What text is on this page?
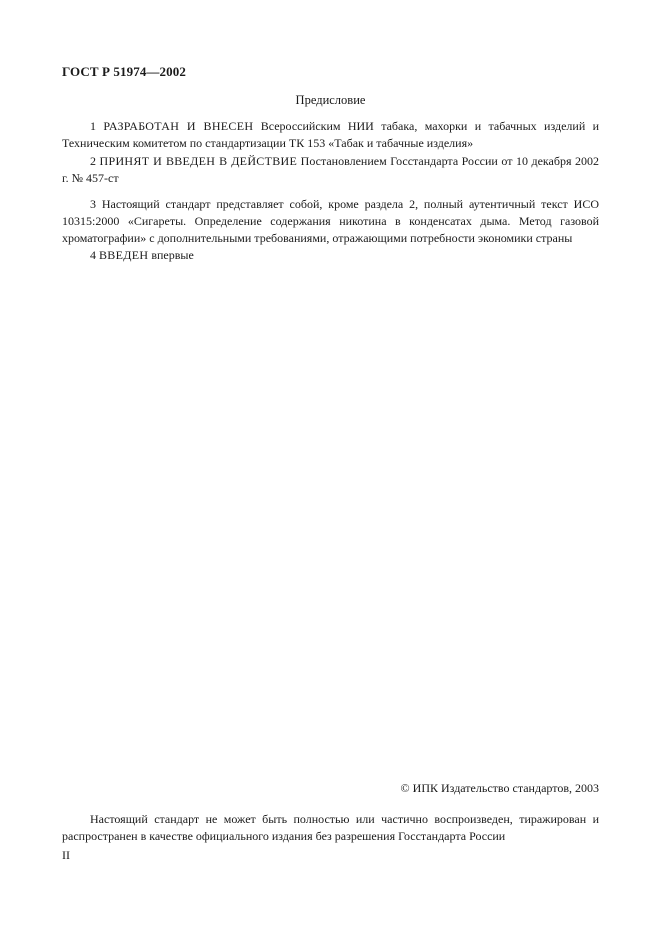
ГОСТ Р 51974—2002
Предисловие

1 РАЗРАБОТАН И ВНЕСЕН Всероссийским НИИ табака, махорки и табачных изделий и Техническим комитетом по стандартизации ТК 153 «Табак и табачные изделия»

2 ПРИНЯТ И ВВЕДЕН В ДЕЙСТВИЕ Постановлением Госстандарта России от 10 декабря 2002 г. № 457-ст

3 Настоящий стандарт представляет собой, кроме раздела 2, полный аутентичный текст ИСО 10315:2000 «Сигареты. Определение содержания никотина в конденсатах дыма. Метод газовой хроматографии» с дополнительными требованиями, отражающими потребности экономики страны

4 ВВЕДЕН впервые

© ИПК Издательство стандартов, 2003

Настоящий стандарт не может быть полностью или частично воспроизведен, тиражирован и распространен в качестве официального издания без разрешения Госстандарта России

II
